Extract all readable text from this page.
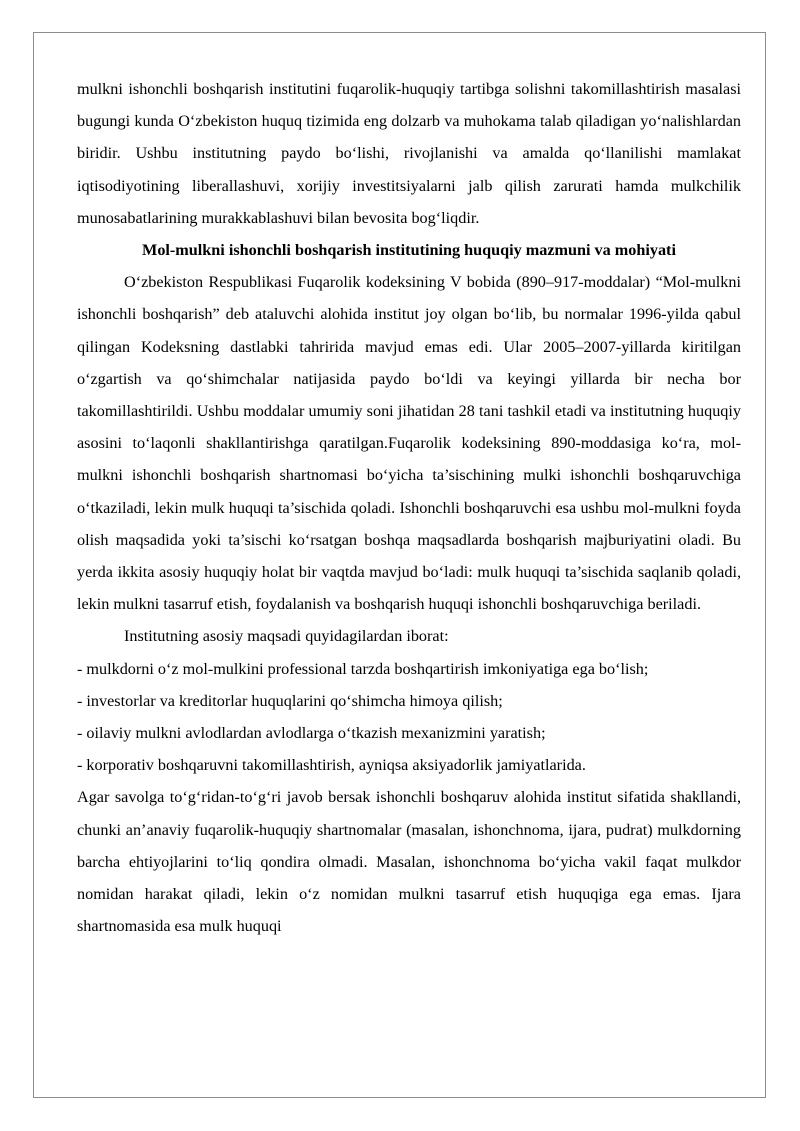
mulkni ishonchli boshqarish institutini fuqarolik-huquqiy tartibga solishni takomillashtirish masalasi bugungi kunda O‘zbekiston huquq tizimida eng dolzarb va muhokama talab qiladigan yo‘nalishlardan biridir. Ushbu institutning paydo bo‘lishi, rivojlanishi va amalda qo‘llanilishi mamlakat iqtisodiyotining liberallashuvi, xorijiy investitsiyalarni jalb qilish zarurati hamda mulkchilik munosabatlarining murakkablashuvi bilan bevosita bog‘liqdir.

Mol-mulkni ishonchli boshqarish institutining huquqiy mazmuni va mohiyati

O‘zbekiston Respublikasi Fuqarolik kodeksining V bobida (890–917-moddalar) “Mol-mulkni ishonchli boshqarish” deb ataluvchi alohida institut joy olgan bo‘lib, bu normalar 1996-yilda qabul qilingan Kodeksning dastlabki tahririda mavjud emas edi. Ular 2005–2007-yillarda kiritilgan o‘zgartish va qo‘shimchalar natijasida paydo bo‘ldi va keyingi yillarda bir necha bor takomillashtirildi. Ushbu moddalar umumiy soni jihatidan 28 tani tashkil etadi va institutning huquqiy asosini to‘laqonli shakllantirishga qaratilgan.Fuqarolik kodeksining 890-moddasiga ko‘ra, mol-mulkni ishonchli boshqarish shartnomasi bo‘yicha ta’sischining mulki ishonchli boshqaruvchiga o‘tkaziladi, lekin mulk huquqi ta’sischida qoladi. Ishonchli boshqaruvchi esa ushbu mol-mulkni foyda olish maqsadida yoki ta’sischi ko‘rsatgan boshqa maqsadlarda boshqarish majburiyatini oladi. Bu yerda ikkita asosiy huquqiy holat bir vaqtda mavjud bo‘ladi: mulk huquqi ta’sischida saqlanib qoladi, lekin mulkni tasarruf etish, foydalanish va boshqarish huquqi ishonchli boshqaruvchiga beriladi.

Institutning asosiy maqsadi quyidagilardan iborat:

- mulkdorni o‘z mol-mulkini professional tarzda boshqartirish imkoniyatiga ega bo‘lish;

- investorlar va kreditorlar huquqlarini qo‘shimcha himoya qilish;

- oilaviy mulkni avlodlardan avlodlarga o‘tkazish mexanizmini yaratish;

- korporativ boshqaruvni takomillashtirish, ayniqsa aksiyadorlik jamiyatlarida.

Agar savolga to‘g‘ridan-to‘g‘ri javob bersak ishonchli boshqaruv alohida institut sifatida shakllandi, chunki an’anaviy fuqarolik-huquqiy shartnomalar (masalan, ishonchnoma, ijara, pudrat) mulkdorning barcha ehtiyojlarini to‘liq qondira olmadi. Masalan, ishonchnoma bo‘yicha vakil faqat mulkdor nomidan harakat qiladi, lekin o‘z nomidan mulkni tasarruf etish huquqiga ega emas. Ijara shartnomasida esa mulk huquqi
